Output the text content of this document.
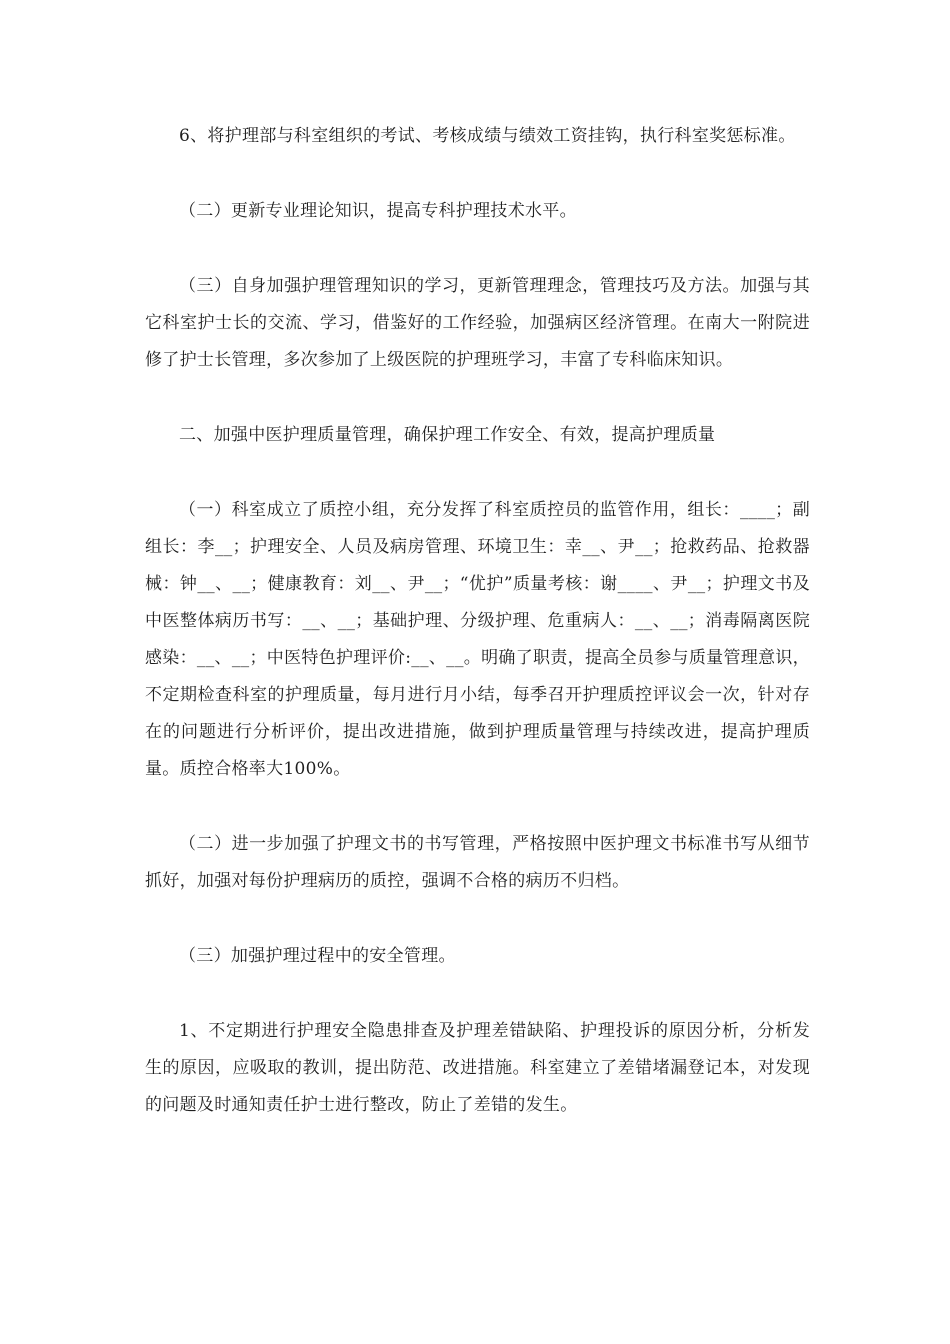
6、将护理部与科室组织的考试、考核成绩与绩效工资挂钩，执行科室奖惩标准。

（二）更新专业理论知识，提高专科护理技术水平。

（三）自身加强护理管理知识的学习，更新管理理念，管理技巧及方法。加强与其它科室护士长的交流、学习，借鉴好的工作经验，加强病区经济管理。在南大一附院进修了护士长管理，多次参加了上级医院的护理班学习，丰富了专科临床知识。

二、加强中医护理质量管理，确保护理工作安全、有效，提高护理质量

（一）科室成立了质控小组，充分发挥了科室质控员的监管作用，组长：____；副组长：李__；护理安全、人员及病房管理、环境卫生：幸__、尹__；抢救药品、抢救器械：钟__、__；健康教育：刘__、尹__；“优护”质量考核：谢____、尹__；护理文书及中医整体病历书写：__、__；基础护理、分级护理、危重病人：__、__；消毒隔离医院感染：__、__；中医特色护理评价:__、__。明确了职责，提高全员参与质量管理意识，不定期检查科室的护理质量，每月进行月小结，每季召开护理质控评议会一次，针对存在的问题进行分析评价，提出改进措施，做到护理质量管理与持续改进，提高护理质量。质控合格率大100%。

（二）进一步加强了护理文书的书写管理，严格按照中医护理文书标准书写从细节抓好，加强对每份护理病历的质控，强调不合格的病历不归档。

（三）加强护理过程中的安全管理。

1、不定期进行护理安全隐患排查及护理差错缺陷、护理投诉的原因分析，分析发生的原因，应吸取的教训，提出防范、改进措施。科室建立了差错堵漏登记本，对发现的问题及时通知责任护士进行整改，防止了差错的发生。
